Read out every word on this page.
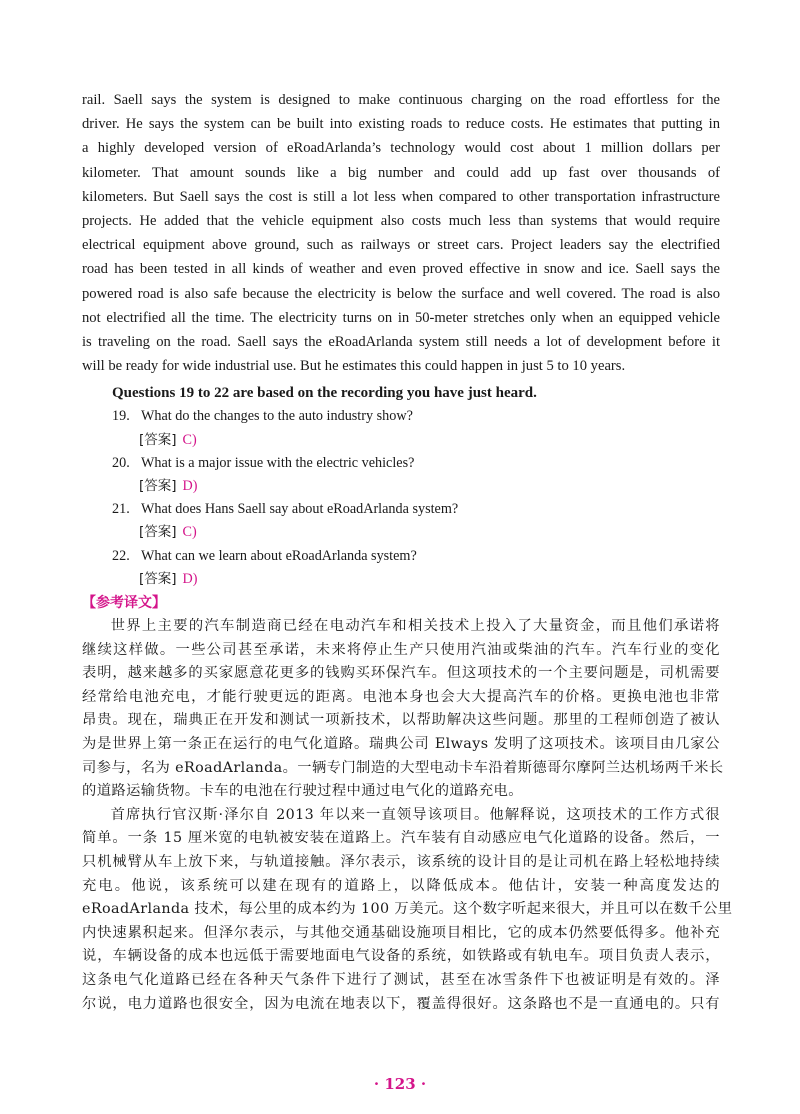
rail. Saell says the system is designed to make continuous charging on the road effortless for the

driver. He says the system can be built into existing roads to reduce costs. He estimates that putting in

a highly developed version of eRoadArlanda’s technology would cost about 1 million dollars per

kilometer. That amount sounds like a big number and could add up fast over thousands of

kilometers. But Saell says the cost is still a lot less when compared to other transportation infrastructure

projects. He added that the vehicle equipment also costs much less than systems that would require

electrical equipment above ground, such as railways or street cars. Project leaders say the electrified

road has been tested in all kinds of weather and even proved effective in snow and ice. Saell says the

powered road is also safe because the electricity is below the surface and well covered. The road is also

not electrified all the time. The electricity turns on in 50-meter stretches only when an equipped vehicle

is traveling on the road. Saell says the eRoadArlanda system still needs a lot of development before it

will be ready for wide industrial use. But he estimates this could happen in just 5 to 10 years.

Questions 19 to 22 are based on the recording you have just heard.
19. What do the changes to the auto industry show?
[答案] C)
20. What is a major issue with the electric vehicles?
[答案] D)
21. What does Hans Saell say about eRoadArlanda system?
[答案] C)
22. What can we learn about eRoadArlanda system?
[答案] D)
【参考译文】

世界上主要的汽车制造商已经在电动汽车和相关技术上投入了大量资金，而且他们承诺将

继续这样做。一些公司甚至承诺，未来将停止生产只使用汽油或柴油的汽车。汽车行业的变化

表明，越来越多的买家愿意花更多的钱购买环保汽车。但这项技术的一个主要问题是，司机需要

经常给电池充电，才能行驶更远的距离。电池本身也会大大提高汽车的价格。更换电池也非常

昂贵。现在，瑞典正在开发和测试一项新技术，以帮助解决这些问题。那里的工程师创造了被认

为是世界上第一条正在运行的电气化道路。瑞典公司 Elways 发明了这项技术。该项目由几家公

司参与，名为 eRoadArlanda。一辆专门制造的大型电动卡车沿着斯德哥尔摩阿兰达机场两千米长

的道路运输货物。卡车的电池在行驶过程中通过电气化的道路充电。

首席执行官汉斯·泽尔自 2013 年以来一直领导该项目。他解释说，这项技术的工作方式很

简单。一条 15 厘米宽的电轨被安装在道路上。汽车装有自动感应电气化道路的设备。然后，一

只机械臂从车上放下来，与轨道接触。泽尔表示，该系统的设计目的是让司机在路上轻松地持续

充电。他说，该系统可以建在现有的道路上，以降低成本。他估计，安装一种高度发达的

eRoadArlanda 技术，每公里的成本约为 100 万美元。这个数字听起来很大，并且可以在数千公里

内快速累积起来。但泽尔表示，与其他交通基础设施项目相比，它的成本仍然要低得多。他补充

说，车辆设备的成本也远低于需要地面电气设备的系统，如铁路或有轨电车。项目负责人表示，

这条电气化道路已经在各种天气条件下进行了测试，甚至在冰雪条件下也被证明是有效的。泽

尔说，电力道路也很安全，因为电流在地表以下，覆盖得很好。这条路也不是一直通电的。只有

· 123 ·
